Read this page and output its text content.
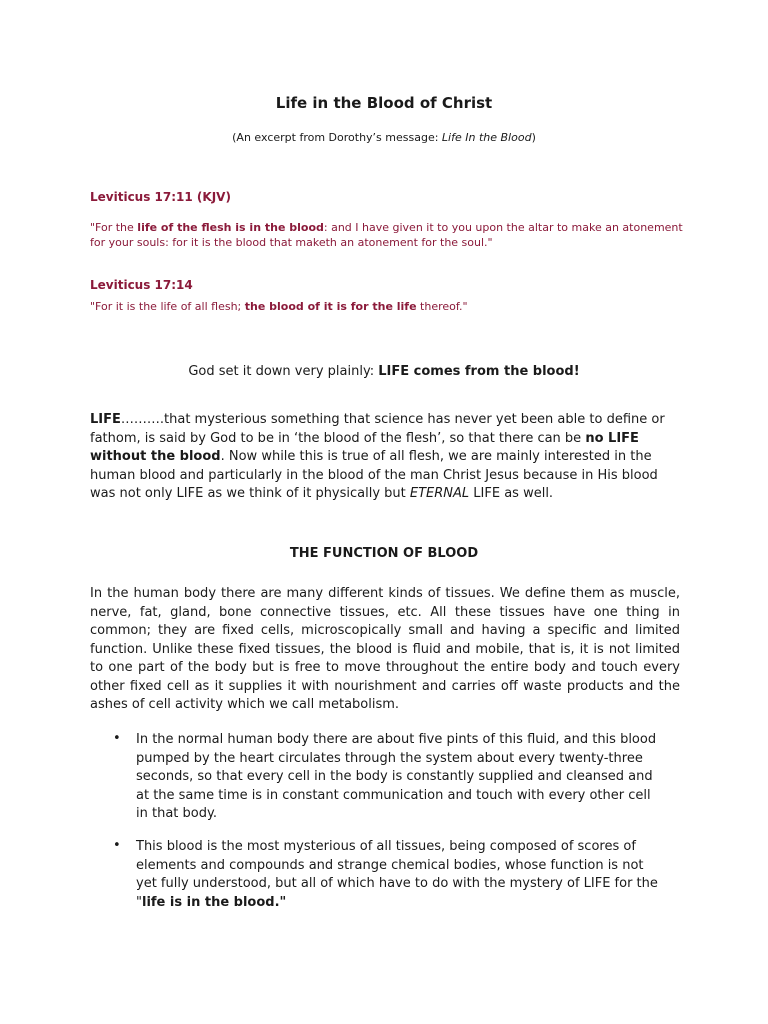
Life in the Blood of Christ
(An excerpt from Dorothy’s message: Life In the Blood)
Leviticus 17:11 (KJV)
"For the life of the flesh is in the blood: and I have given it to you upon the altar to make an atonement for your souls: for it is the blood that maketh an atonement for the soul."
Leviticus 17:14
"For it is the life of all flesh; the blood of it is for the life thereof."
God set it down very plainly: LIFE comes from the blood!
LIFE……….that mysterious something that science has never yet been able to define or fathom, is said by God to be in ‘the blood of the flesh’, so that there can be no LIFE without the blood. Now while this is true of all flesh, we are mainly interested in the human blood and particularly in the blood of the man Christ Jesus because in His blood was not only LIFE as we think of it physically but ETERNAL LIFE as well.
THE FUNCTION OF BLOOD
In the human body there are many different kinds of tissues. We define them as muscle, nerve, fat, gland, bone connective tissues, etc. All these tissues have one thing in common; they are fixed cells, microscopically small and having a specific and limited function. Unlike these fixed tissues, the blood is fluid and mobile, that is, it is not limited to one part of the body but is free to move throughout the entire body and touch every other fixed cell as it supplies it with nourishment and carries off waste products and the ashes of cell activity which we call metabolism.
• In the normal human body there are about five pints of this fluid, and this blood pumped by the heart circulates through the system about every twenty-three seconds, so that every cell in the body is constantly supplied and cleansed and at the same time is in constant communication and touch with every other cell in that body.
• This blood is the most mysterious of all tissues, being composed of scores of elements and compounds and strange chemical bodies, whose function is not yet fully understood, but all of which have to do with the mystery of LIFE for the "life is in the blood."
